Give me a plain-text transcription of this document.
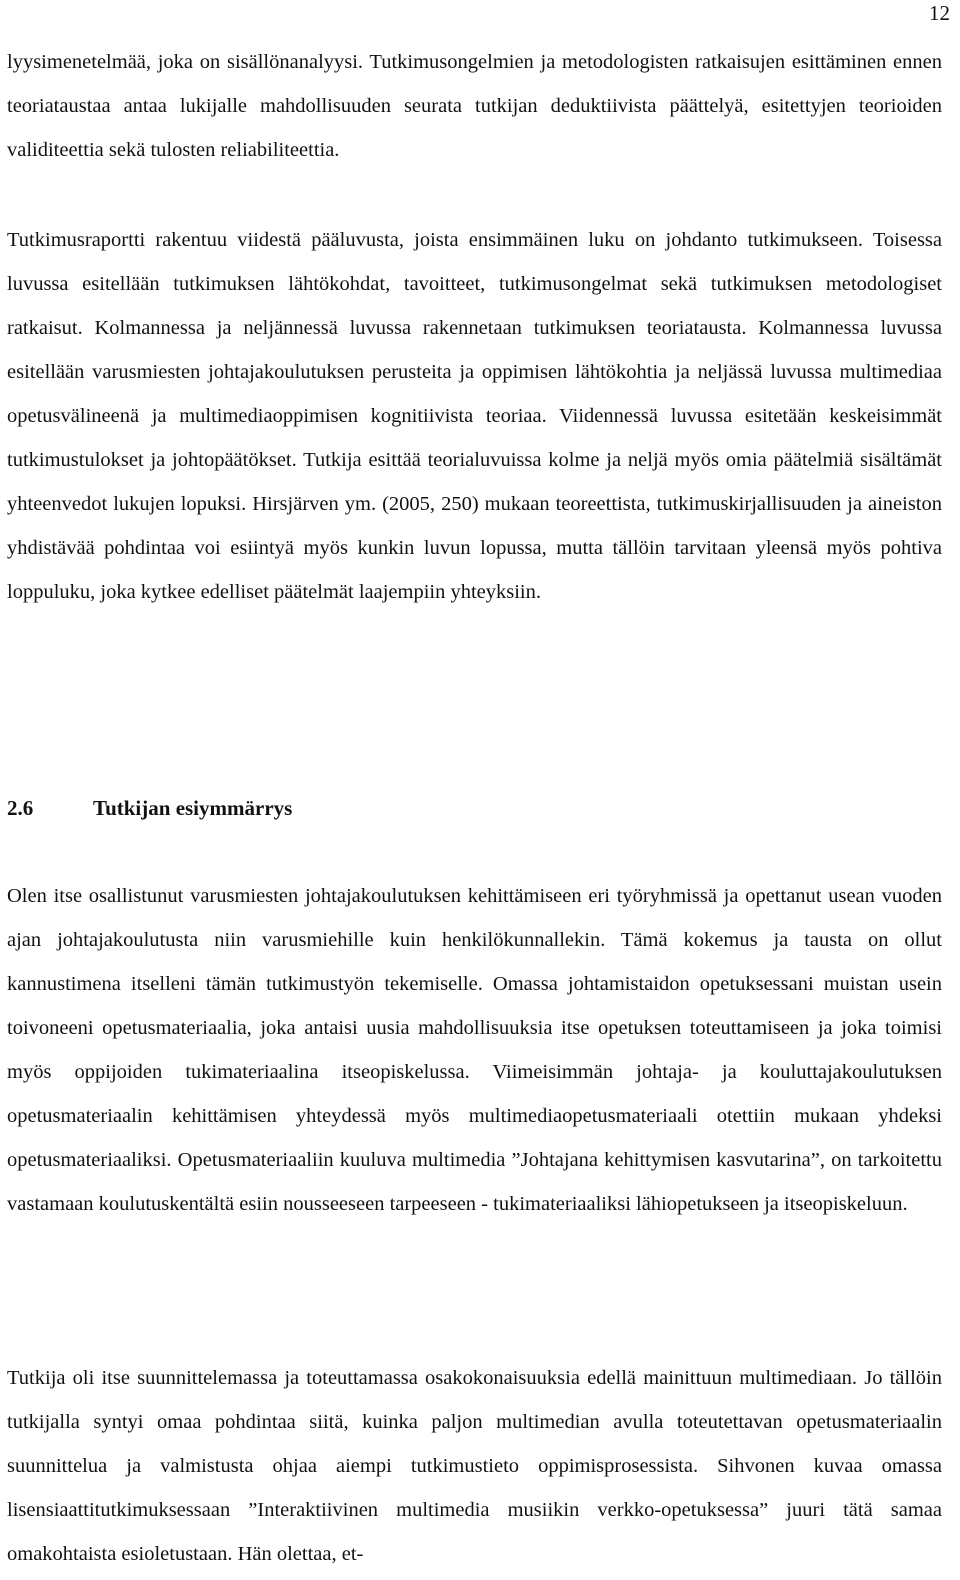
12

lyysimenetelmää, joka on sisällönanalyysi. Tutkimusongelmien ja metodologisten ratkaisujen esittäminen ennen teoriataustaa antaa lukijalle mahdollisuuden seurata tutkijan deduktiivista päättelyä, esitettyjen teorioiden validiteettia sekä tulosten reliabiliteettia.

Tutkimusraportti rakentuu viidestä pääluvusta, joista ensimmäinen luku on johdanto tutkimukseen. Toisessa luvussa esitellään tutkimuksen lähtökohdat, tavoitteet, tutkimusongelmat sekä tutkimuksen metodologiset ratkaisut. Kolmannessa ja neljännessä luvussa rakennetaan tutkimuksen teoriatausta. Kolmannessa luvussa esitellään varusmiesten johtajakoulutuksen perusteita ja oppimisen lähtökohtia ja neljässä luvussa multimediaa opetusvälineenä ja multimediaoppimisen kognitiivista teoriaa. Viidennessä luvussa esitetään keskeisimmät tutkimustulokset ja johtopäätökset. Tutkija esittää teorialuvuissa kolme ja neljä myös omia päätelmiä sisältämät yhteenvedot lukujen lopuksi. Hirsjärven ym. (2005, 250) mukaan teoreettista, tutkimuskirjallisuuden ja aineiston yhdistävää pohdintaa voi esiintyä myös kunkin luvun lopussa, mutta tällöin tarvitaan yleensä myös pohtiva loppuluku, joka kytkee edelliset päätelmät laajempiin yhteyksiin.

2.6	Tutkijan esiymmärrys

Olen itse osallistunut varusmiesten johtajakoulutuksen kehittämiseen eri työryhmissä ja opettanut usean vuoden ajan johtajakoulutusta niin varusmiehille kuin henkilökunnallekin. Tämä kokemus ja tausta on ollut kannustimena itselleni tämän tutkimustyön tekemiselle. Omassa johtamistaidon opetuksessani muistan usein toivoneeni opetusmateriaalia, joka antaisi uusia mahdollisuuksia itse opetuksen toteuttamiseen ja joka toimisi myös oppijoiden tukimateriaalina itseopiskelussa. Viimeisimmän johtaja- ja kouluttajakoulutuksen opetusmateriaalin kehittämisen yhteydessä myös multimediaopetusmateriaali otettiin mukaan yhdeksi opetusmateriaaliksi. Opetusmateriaaliin kuuluva multimedia ”Johtajana kehittymisen kasvutarina”, on tarkoitettu vastamaan koulutuskentältä esiin nousseeseen tarpeeseen - tukimateriaaliksi lähiopetukseen ja itseopiskeluun.

Tutkija oli itse suunnittelemassa ja toteuttamassa osakokonaisuuksia edellä mainittuun multimediaan. Jo tällöin tutkijalla syntyi omaa pohdintaa siitä, kuinka paljon multimedian avulla toteutettavan opetusmateriaalin suunnittelua ja valmistusta ohjaa aiempi tutkimustieto oppimisprosessista. Sihvonen kuvaa omassa lisensiaattitutkimuksessaan ”Interaktiivinen multimedia musiikin verkko-opetuksessa” juuri tätä samaa omakohtaista esioletustaan. Hän olettaa, et-
